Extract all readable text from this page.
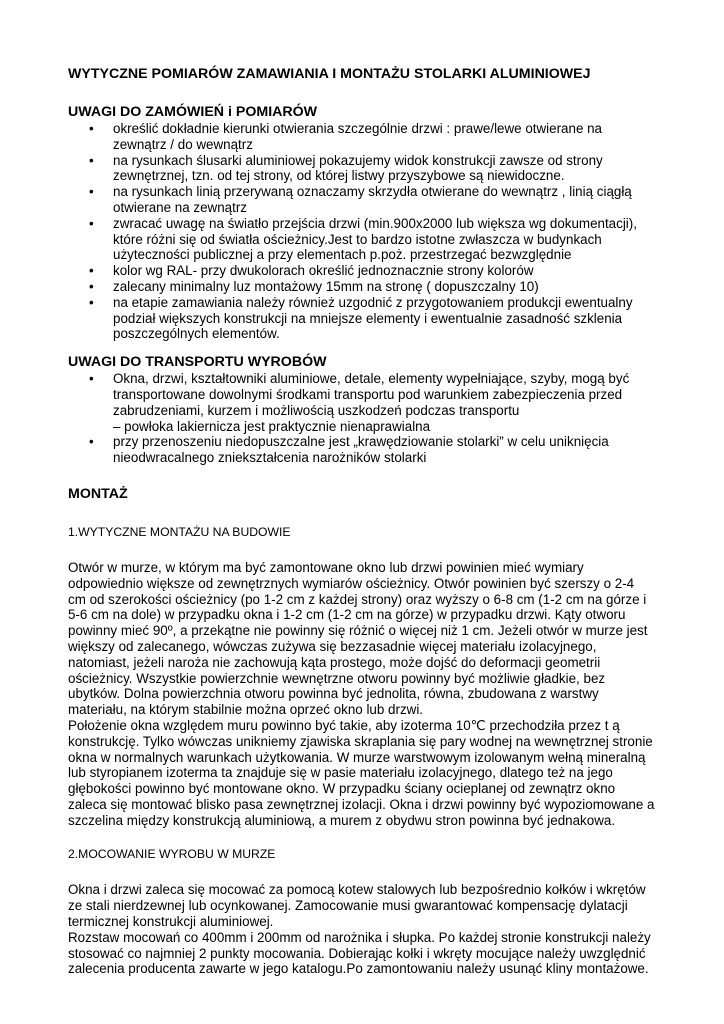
WYTYCZNE POMIARÓW ZAMAWIANIA I MONTAŻU STOLARKI ALUMINIOWEJ
UWAGI DO ZAMÓWIEŃ i POMIARÓW
• określić dokładnie kierunki otwierania szczególnie drzwi : prawe/lewe otwierane na
zewnątrz / do wewnątrz
• na rysunkach ślusarki aluminiowej pokazujemy widok konstrukcji zawsze od strony
zewnętrznej, tzn. od tej strony, od której listwy przyszybowe są niewidoczne.
• na rysunkach linią przerywaną oznaczamy skrzydła otwierane do wewnątrz , linią ciągłą
otwierane na zewnątrz
• zwracać uwagę na światło przejścia drzwi (min.900x2000 lub większa wg dokumentacji),
które różni się od światła ościeżnicy.Jest to bardzo istotne zwłaszcza w budynkach
użyteczności publicznej a przy elementach p.poż. przestrzegać bezwzględnie
• kolor wg RAL- przy dwukolorach określić jednoznacznie strony kolorów
• zalecany minimalny luz montażowy 15mm na stronę ( dopuszczalny 10)
• na etapie zamawiania należy również uzgodnić z przygotowaniem produkcji ewentualny
podział większych konstrukcji na mniejsze elementy i ewentualnie zasadność szklenia
poszczególnych elementów.
UWAGI DO TRANSPORTU WYROBÓW
• Okna, drzwi, kształtowniki aluminiowe, detale, elementy wypełniające, szyby, mogą być
transportowane dowolnymi środkami transportu pod warunkiem zabezpieczenia przed
zabrudzeniami, kurzem i możliwością uszkodzeń podczas transportu
– powłoka lakiernicza jest praktycznie nienaprawialna
• przy przenoszeniu niedopuszczalne jest „krawędziowanie stolarki” w celu uniknięcia
nieodwracalnego zniekształcenia narożników stolarki
MONTAŻ

1.WYTYCZNE MONTAŻU NA BUDOWIE

Otwór w murze, w którym ma być zamontowane okno lub drzwi powinien mieć wymiary
odpowiednio większe od zewnętrznych wymiarów ościeżnicy. Otwór powinien być szerszy o 2-4
cm od szerokości ościeżnicy (po 1-2 cm z każdej strony) oraz wyższy o 6-8 cm (1-2 cm na górze i
5-6 cm na dole) w przypadku okna i 1-2 cm (1-2 cm na górze) w przypadku drzwi. Kąty otworu
powinny mieć 90º, a przekątne nie powinny się różnić o więcej niż 1 cm. Jeżeli otwór w murze jest
większy od zalecanego, wówczas zużywa się bezzasadnie więcej materiału izolacyjnego,
natomiast, jeżeli naroża nie zachowują kąta prostego, może dojść do deformacji geometrii
ościeżnicy. Wszystkie powierzchnie wewnętrzne otworu powinny być możliwie gładkie, bez
ubytków. Dolna powierzchnia otworu powinna być jednolita, równa, zbudowana z warstwy
materiału, na którym stabilnie można oprzeć okno lub drzwi.
Położenie okna względem muru powinno być takie, aby izoterma 10℃ przechodziła przez t ą
konstrukcję. Tylko wówczas unikniemy zjawiska skraplania się pary wodnej na wewnętrznej stronie
okna w normalnych warunkach użytkowania. W murze warstwowym izolowanym wełną mineralną
lub styropianem izoterma ta znajduje się w pasie materiału izolacyjnego, dlatego też na jego
głębokości powinno być montowane okno. W przypadku ściany ocieplanej od zewnątrz okno
zaleca się montować blisko pasa zewnętrznej izolacji. Okna i drzwi powinny być wypoziomowane a
szczelina między konstrukcją aluminiową, a murem z obydwu stron powinna być jednakowa.

2.MOCOWANIE WYROBU W MURZE

Okna i drzwi zaleca się mocować za pomocą kotew stalowych lub bezpośrednio kołków i wkrętów
ze stali nierdzewnej lub ocynkowanej. Zamocowanie musi gwarantować kompensację dylatacji
termicznej konstrukcji aluminiowej.
Rozstaw mocowań co 400mm i 200mm od narożnika i słupka. Po każdej stronie konstrukcji należy
stosować co najmniej 2 punkty mocowania. Dobierając kołki i wkręty mocujące należy uwzględnić
zalecenia producenta zawarte w jego katalogu.Po zamontowaniu należy usunąć kliny montażowe.
